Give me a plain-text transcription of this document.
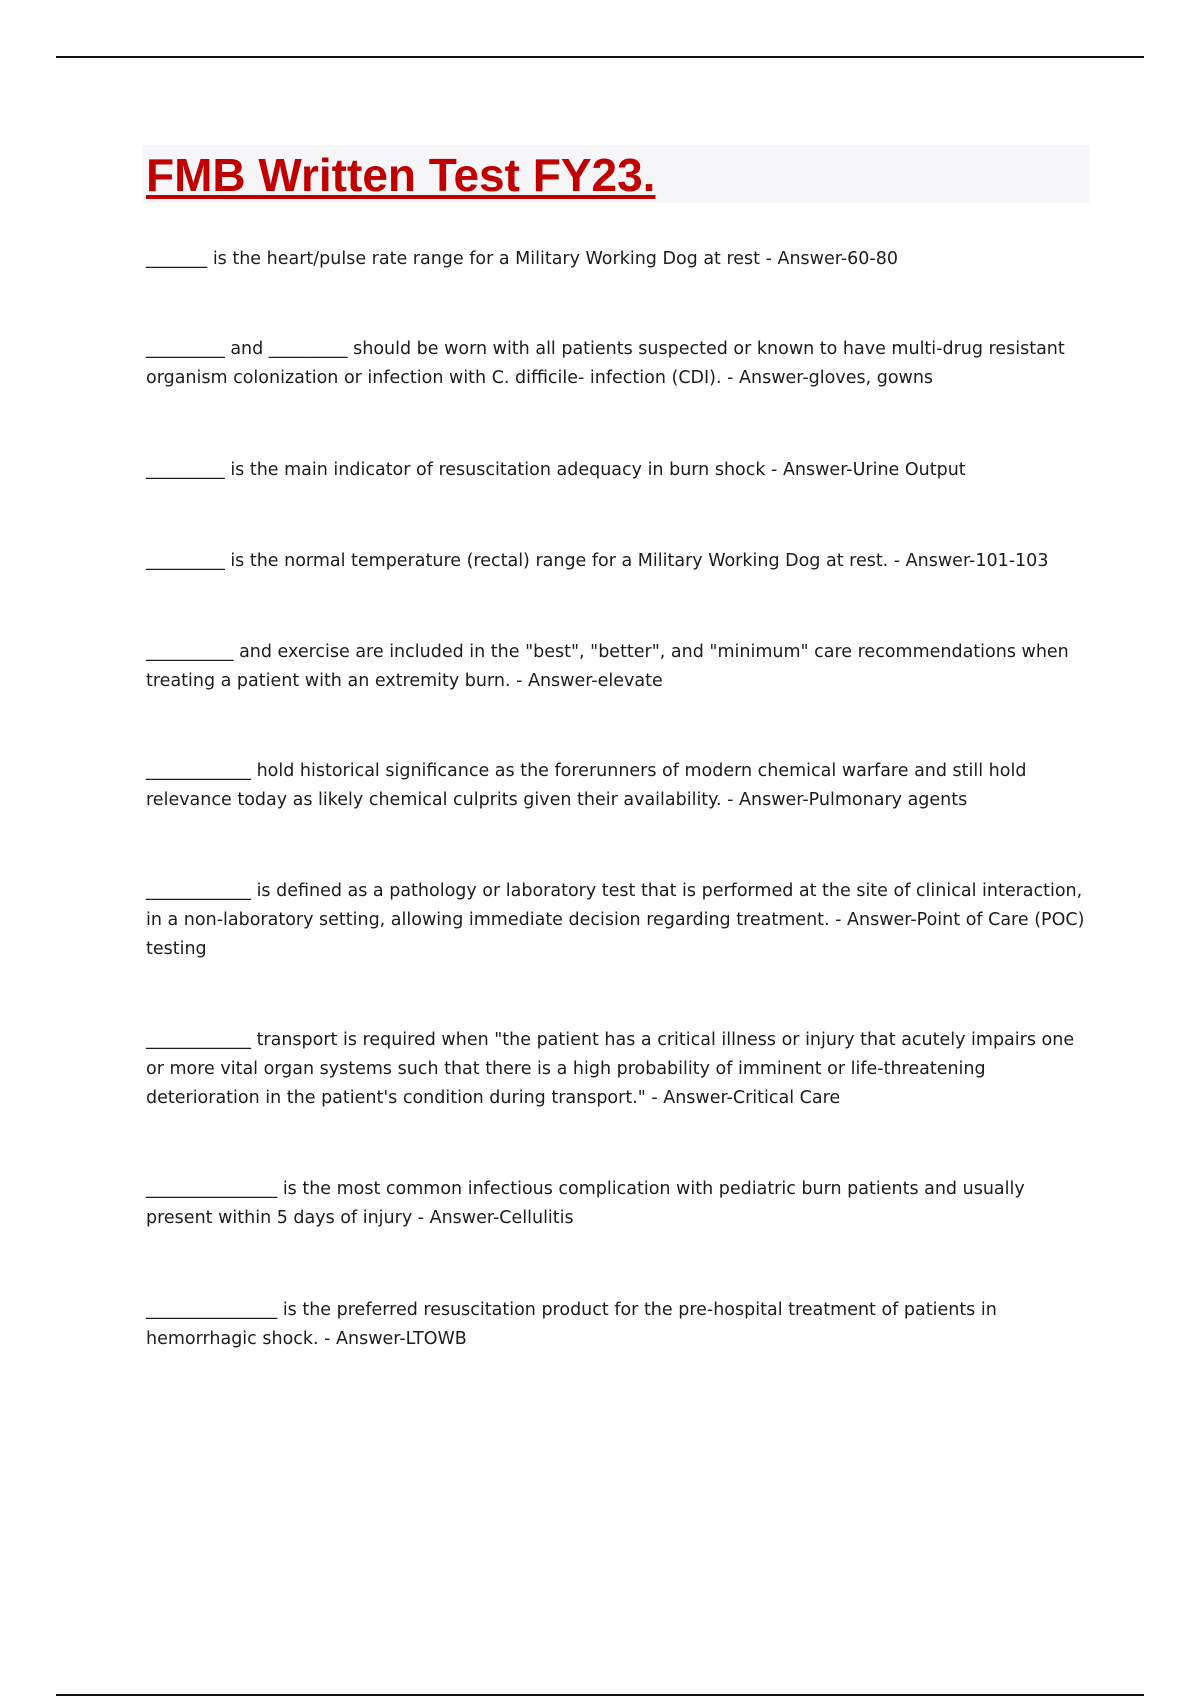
FMB Written Test FY23.

_______ is the heart/pulse rate range for a Military Working Dog at rest - Answer-60-80

_________ and _________ should be worn with all patients suspected or known to have multi-drug resistant organism colonization or infection with C. difficile- infection (CDI). - Answer-gloves, gowns

_________ is the main indicator of resuscitation adequacy in burn shock - Answer-Urine Output

_________ is the normal temperature (rectal) range for a Military Working Dog at rest. - Answer-101-103

__________ and exercise are included in the "best", "better", and "minimum" care recommendations when treating a patient with an extremity burn. - Answer-elevate

____________ hold historical significance as the forerunners of modern chemical warfare and still hold relevance today as likely chemical culprits given their availability. - Answer-Pulmonary agents

____________ is defined as a pathology or laboratory test that is performed at the site of clinical interaction, in a non-laboratory setting, allowing immediate decision regarding treatment. - Answer-Point of Care (POC) testing

____________ transport is required when "the patient has a critical illness or injury that acutely impairs one or more vital organ systems such that there is a high probability of imminent or life-threatening deterioration in the patient's condition during transport." - Answer-Critical Care

_______________ is the most common infectious complication with pediatric burn patients and usually present within 5 days of injury - Answer-Cellulitis

_______________ is the preferred resuscitation product for the pre-hospital treatment of patients in hemorrhagic shock. - Answer-LTOWB
